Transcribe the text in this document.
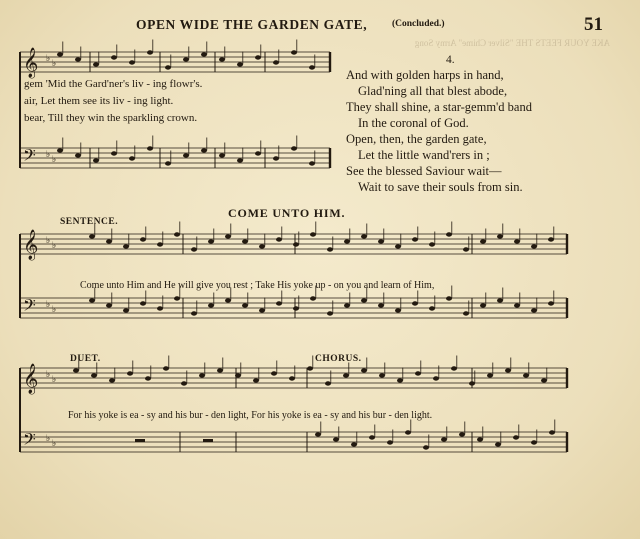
OPEN WIDE THE GARDEN GATE,	(Concluded.)	51
AKE YOUR FEETS THE "Silver Chime" Army Song
𝄞 ♭ ♭
𝄢 ♭ ♭
𝄞 ♭ ♭
𝄢 ♭ ♭
𝄞 ♭ ♭
𝄢 ♭ ♭
gem 'Mid the Gard'ner's liv - ing flowr's.
air, Let them see its liv - ing light.
bear, Till they win the sparkling crown.
4.
And with golden harps in hand,
Glad'ning all that blest abode,
They shall shine, a star-gemm'd band
In the coronal of God.
Open, then, the garden gate,
Let the little wand'rers in ;
See the blessed Saviour wait—
Wait to save their souls from sin.
COME UNTO HIM.
SENTENCE.
Come unto Him and He will give you rest ; Take His yoke up - on you and learn of Him,
DUET.	CHORUS.
For his yoke is ea - sy and his bur - den light, For his yoke is ea - sy and his bur - den light.
